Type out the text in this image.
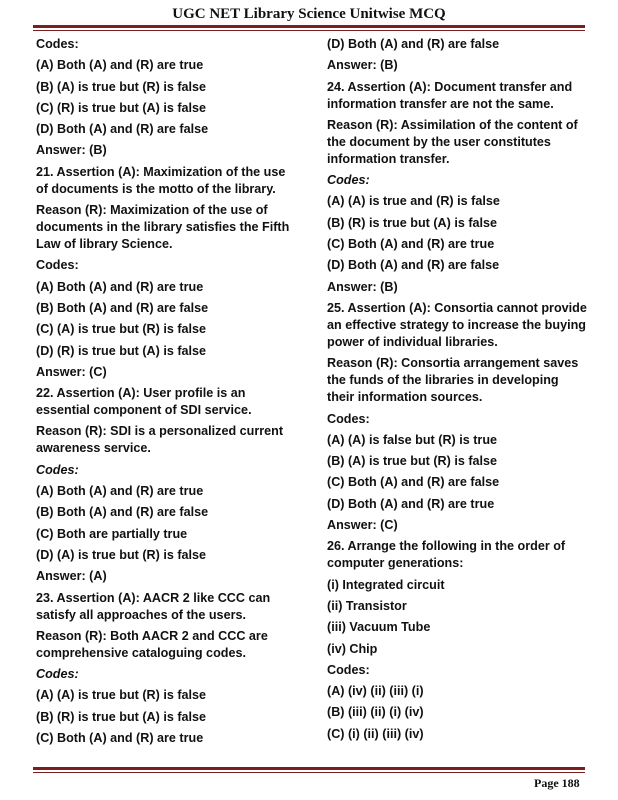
UGC NET Library Science Unitwise MCQ
Codes:
(A) Both (A) and (R) are true
(B) (A) is true but (R) is false
(C) (R) is true but (A) is false
(D) Both (A) and (R) are false
Answer: (B)
21. Assertion (A): Maximization of the use of documents is the motto of the library.
Reason (R): Maximization of the use of documents in the library satisfies the Fifth Law of library Science.
Codes:
(A) Both (A) and (R) are true
(B) Both (A) and (R) are false
(C) (A) is true but (R) is false
(D) (R) is true but (A) is false
Answer: (C)
22. Assertion (A): User profile is an essential component of SDI service.
Reason (R): SDI is a personalized current awareness service.
Codes:
(A) Both (A) and (R) are true
(B) Both (A) and (R) are false
(C) Both are partially true
(D) (A) is true but (R) is false
Answer: (A)
23. Assertion (A): AACR 2 like CCC can satisfy all approaches of the users.
Reason (R): Both AACR 2 and CCC are comprehensive cataloguing codes.
Codes:
(A) (A) is true but (R) is false
(B) (R) is true but (A) is false
(C) Both (A) and (R) are true
(D) Both (A) and (R) are false
Answer: (B)
24. Assertion (A): Document transfer and information transfer are not the same.
Reason (R): Assimilation of the content of the document by the user constitutes information transfer.
Codes:
(A) (A) is true and (R) is false
(B) (R) is true but (A) is false
(C) Both (A) and (R) are true
(D) Both (A) and (R) are false
Answer: (B)
25. Assertion (A): Consortia cannot provide an effective strategy to increase the buying power of individual libraries.
Reason (R): Consortia arrangement saves the funds of the libraries in developing their information sources.
Codes:
(A) (A) is false but (R) is true
(B) (A) is true but (R) is false
(C) Both (A) and (R) are false
(D) Both (A) and (R) are true
Answer: (C)
26. Arrange the following in the order of computer generations:
(i) Integrated circuit
(ii) Transistor
(iii) Vacuum Tube
(iv) Chip
Codes:
(A) (iv) (ii) (iii) (i)
(B) (iii) (ii) (i) (iv)
(C) (i) (ii) (iii) (iv)
Page 188
